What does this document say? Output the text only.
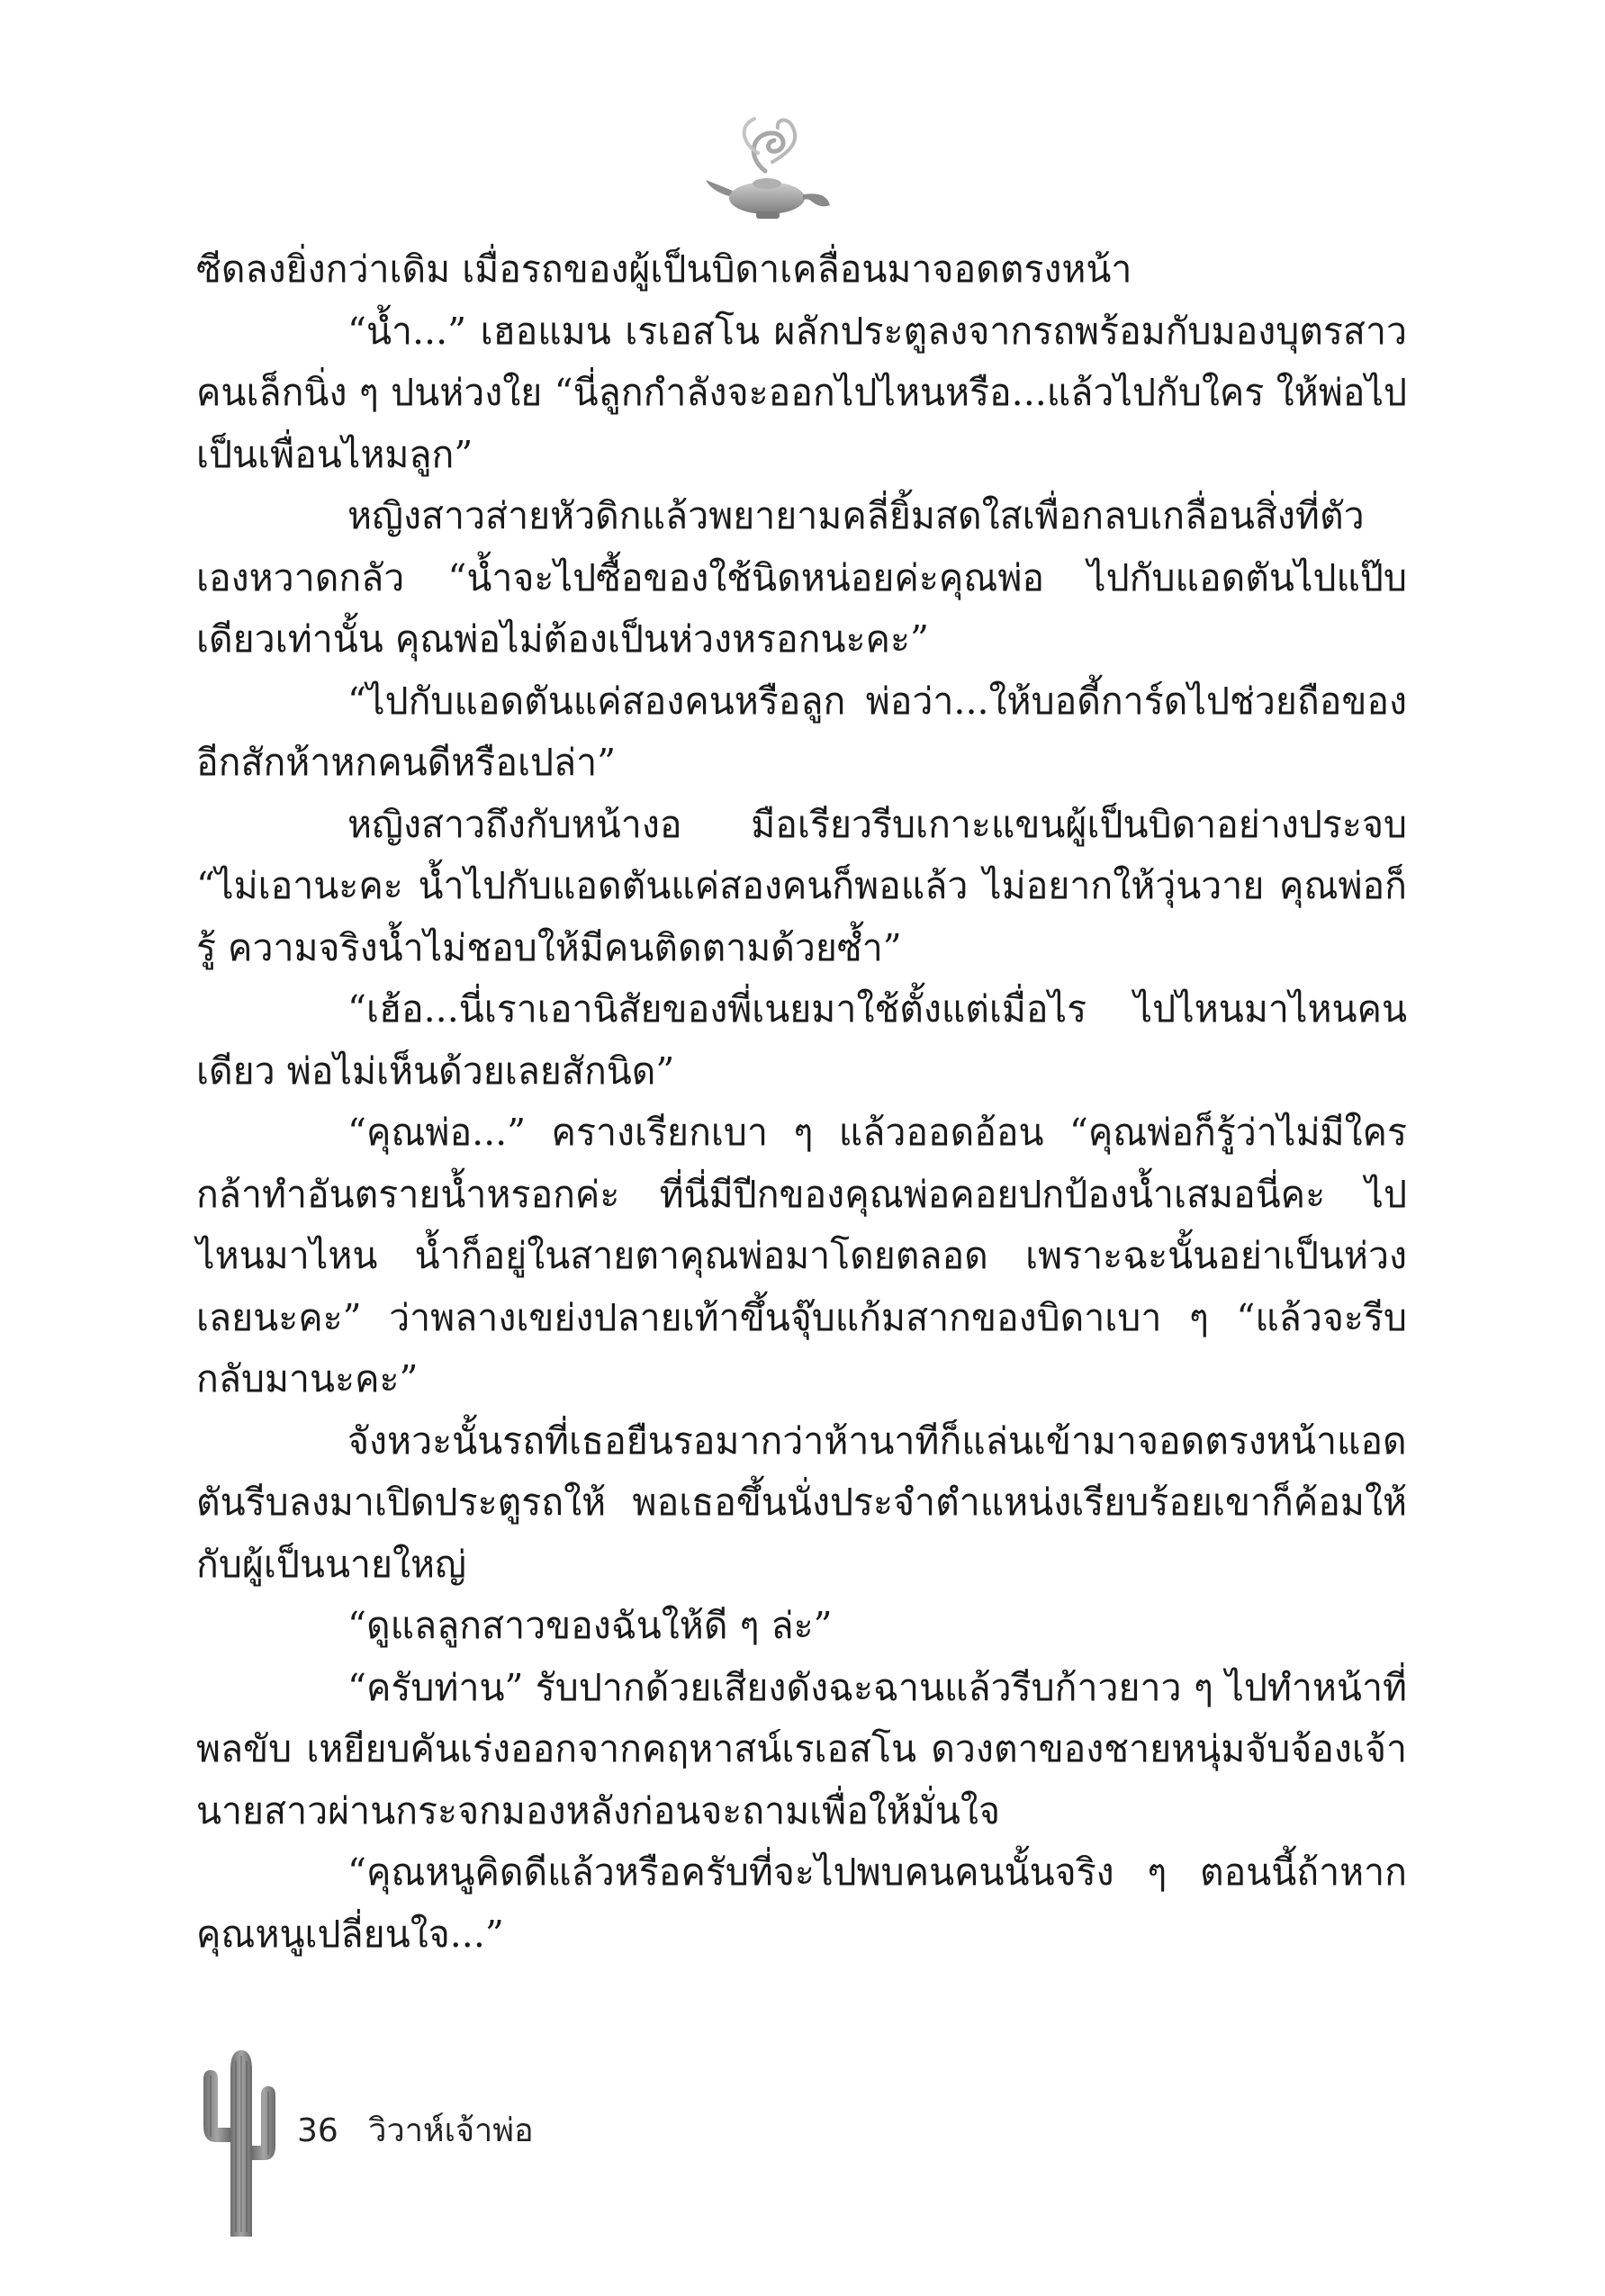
ซีดลงยิ่งกว่าเดิม เมื่อรถของผู้เป็นบิดาเคลื่อนมาจอดตรงหน้า

“น้ำ...” เฮอแมน เรเอสโน ผลักประตูลงจากรถพร้อมกับมองบุตรสาวคนเล็กนิ่ง ๆ ปนห่วงใย “นี่ลูกกำลังจะออกไปไหนหรือ...แล้วไปกับใคร ให้พ่อไปเป็นเพื่อนไหมลูก”

หญิงสาวส่ายหัวดิกแล้วพยายามคลี่ยิ้มสดใสเพื่อกลบเกลื่อนสิ่งที่ตัวเองหวาดกลัว “น้ำจะไปซื้อของใช้นิดหน่อยค่ะคุณพ่อ ไปกับแอดตันไปแป๊บเดียวเท่านั้น คุณพ่อไม่ต้องเป็นห่วงหรอกนะคะ”

“ไปกับแอดตันแค่สองคนหรือลูก พ่อว่า...ให้บอดี้การ์ดไปช่วยถือของอีกสักห้าหกคนดีหรือเปล่า”

หญิงสาวถึงกับหน้างอ มือเรียวรีบเกาะแขนผู้เป็นบิดาอย่างประจบ “ไม่เอานะคะ น้ำไปกับแอดตันแค่สองคนก็พอแล้ว ไม่อยากให้วุ่นวาย คุณพ่อก็รู้ ความจริงน้ำไม่ชอบให้มีคนติดตามด้วยซ้ำ”

“เฮ้อ...นี่เราเอานิสัยของพี่เนยมาใช้ตั้งแต่เมื่อไร ไปไหนมาไหนคนเดียว พ่อไม่เห็นด้วยเลยสักนิด”

“คุณพ่อ...” ครางเรียกเบา ๆ แล้วออดอ้อน “คุณพ่อก็รู้ว่าไม่มีใครกล้าทำอันตรายน้ำหรอกค่ะ ที่นี่มีปีกของคุณพ่อคอยปกป้องน้ำเสมอนี่คะ ไปไหนมาไหน น้ำก็อยู่ในสายตาคุณพ่อมาโดยตลอด เพราะฉะนั้นอย่าเป็นห่วงเลยนะคะ” ว่าพลางเขย่งปลายเท้าขึ้นจุ๊บแก้มสากของบิดาเบา ๆ “แล้วจะรีบกลับมานะคะ”

จังหวะนั้นรถที่เธอยืนรอมากว่าห้านาทีก็แล่นเข้ามาจอดตรงหน้าแอดตันรีบลงมาเปิดประตูรถให้ พอเธอขึ้นนั่งประจำตำแหน่งเรียบร้อยเขาก็ค้อมให้กับผู้เป็นนายใหญ่

“ดูแลลูกสาวของฉันให้ดี ๆ ล่ะ”

“ครับท่าน” รับปากด้วยเสียงดังฉะฉานแล้วรีบก้าวยาว ๆ ไปทำหน้าที่พลขับ เหยียบคันเร่งออกจากคฤหาสน์เรเอสโน ดวงตาของชายหนุ่มจับจ้องเจ้านายสาวผ่านกระจกมองหลังก่อนจะถามเพื่อให้มั่นใจ

“คุณหนูคิดดีแล้วหรือครับที่จะไปพบคนคนนั้นจริง ๆ ตอนนี้ถ้าหากคุณหนูเปลี่ยนใจ...”

36 วิวาห์เจ้าพ่อ
